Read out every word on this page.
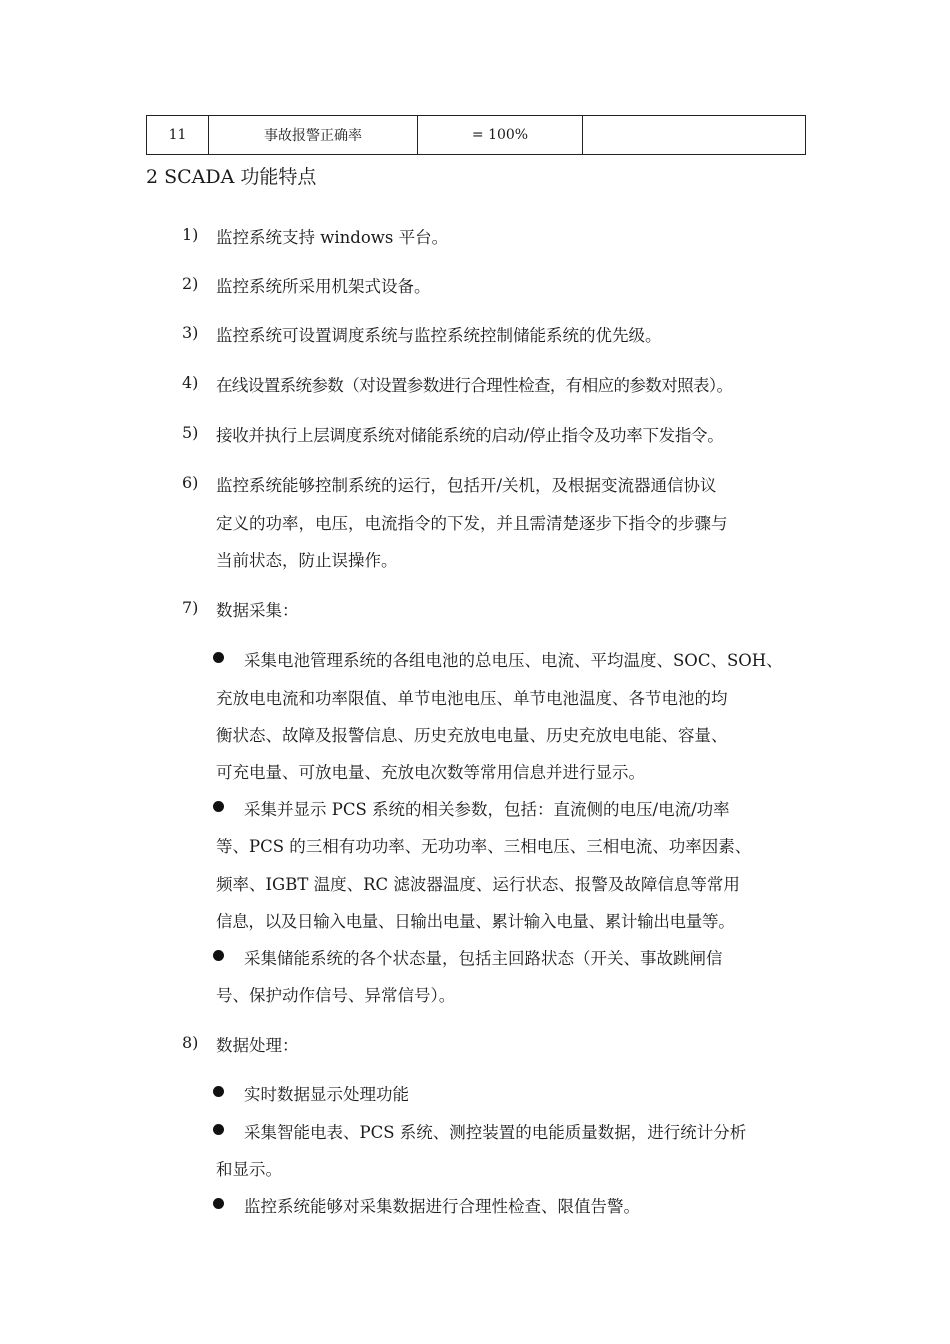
11	事故报警正确率	= 100%	
2 SCADA 功能特点
1) 监控系统支持 windows 平台。
2) 监控系统所采用机架式设备。
3) 监控系统可设置调度系统与监控系统控制储能系统的优先级。
4) 在线设置系统参数（对设置参数进行合理性检查，有相应的参数对照表）。
5) 接收并执行上层调度系统对储能系统的启动/停止指令及功率下发指令。
6) 监控系统能够控制系统的运行，包括开/关机，及根据变流器通信协议
定义的功率，电压，电流指令的下发，并且需清楚逐步下指令的步骤与
当前状态，防止误操作。
7) 数据采集：
采集电池管理系统的各组电池的总电压、电流、平均温度、SOC、SOH、
充放电电流和功率限值、单节电池电压、单节电池温度、各节电池的均
衡状态、故障及报警信息、历史充放电电量、历史充放电电能、容量、
可充电量、可放电量、充放电次数等常用信息并进行显示。
采集并显示 PCS 系统的相关参数，包括：直流侧的电压/电流/功率
等、PCS 的三相有功功率、无功功率、三相电压、三相电流、功率因素、
频率、IGBT 温度、RC 滤波器温度、运行状态、报警及故障信息等常用
信息，以及日输入电量、日输出电量、累计输入电量、累计输出电量等。
采集储能系统的各个状态量，包括主回路状态（开关、事故跳闸信
号、保护动作信号、异常信号）。
8) 数据处理：
实时数据显示处理功能
采集智能电表、PCS 系统、测控装置的电能质量数据，进行统计分析
和显示。
监控系统能够对采集数据进行合理性检查、限值告警。
